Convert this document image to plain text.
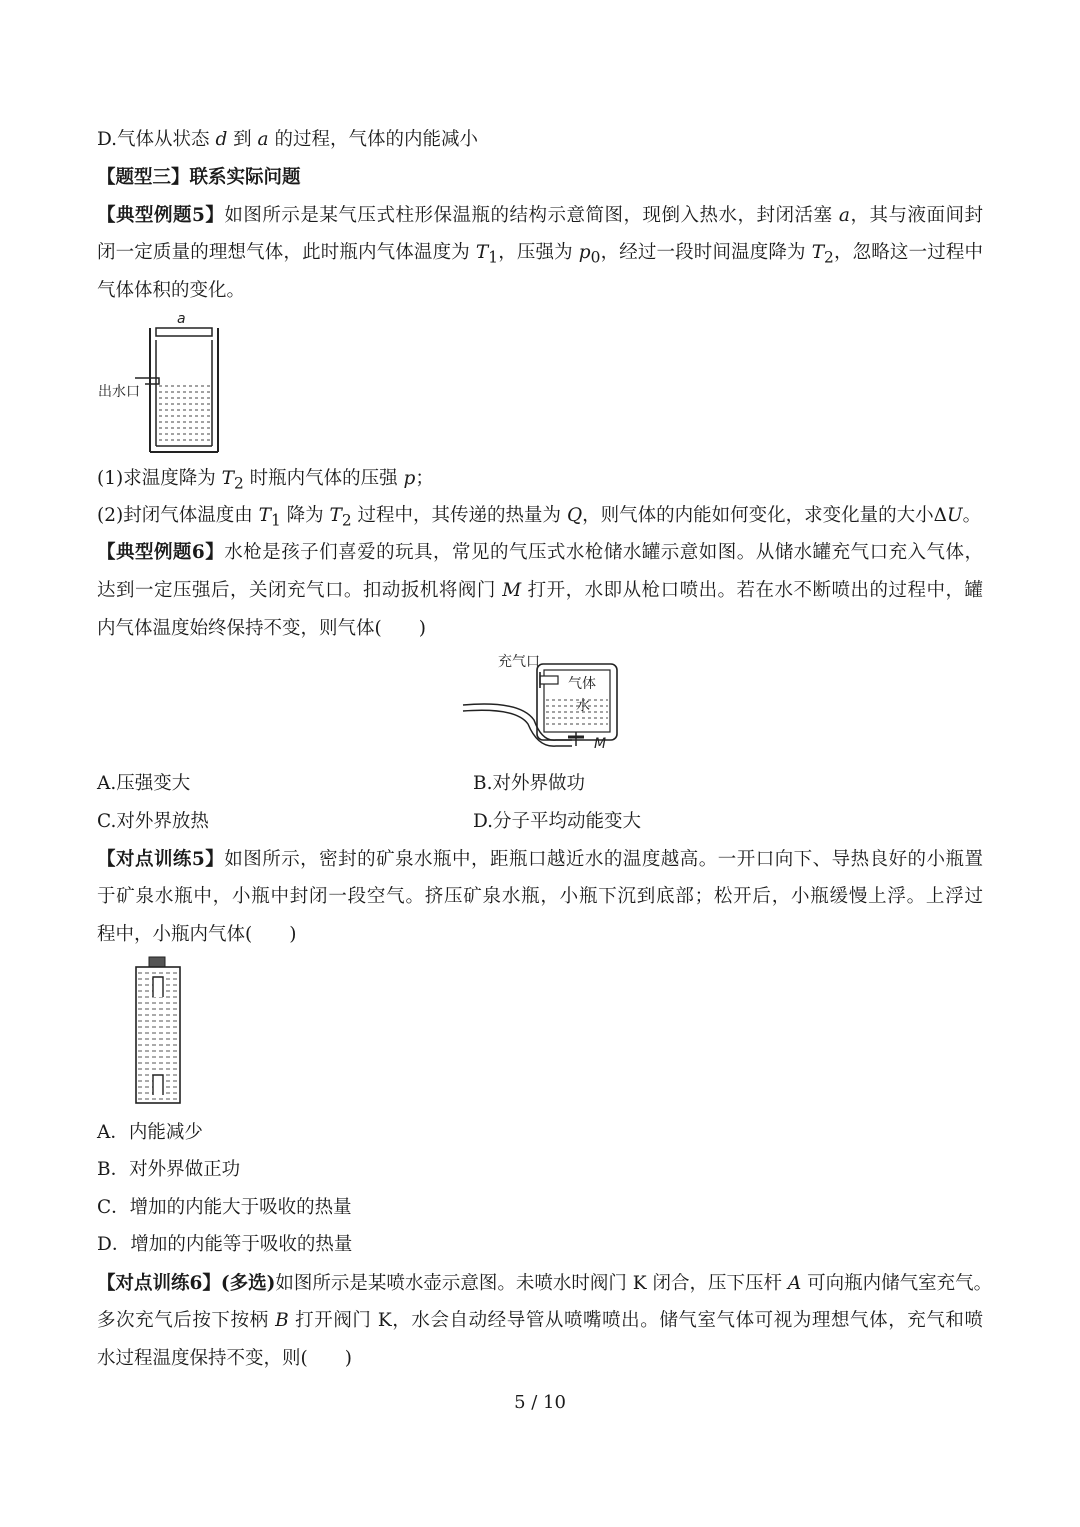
D.气体从状态 d 到 a 的过程，气体的内能减小
【题型三】联系实际问题
【典型例题5】如图所示是某气压式柱形保温瓶的结构示意简图，现倒入热水，封闭活塞 a，其与液面间封
闭一定质量的理想气体，此时瓶内气体温度为 $T_1$，压强为 $p_0$，经过一段时间温度降为 $T_2$，忽略这一过程中
气体体积的变化。
a
出水口
(1)求温度降为 $T_2$ 时瓶内气体的压强 p；
(2)封闭气体温度由 $T_1$ 降为 $T_2$ 过程中，其传递的热量为 Q，则气体的内能如何变化，求变化量的大小ΔU。
【典型例题6】水枪是孩子们喜爱的玩具，常见的气压式水枪储水罐示意如图。从储水罐充气口充入气体，
达到一定压强后，关闭充气口。扣动扳机将阀门 M 打开，水即从枪口喷出。若在水不断喷出的过程中，罐
内气体温度始终保持不变，则气体(　　)
充气口
气体
水
M
A.压强变大	B.对外界做功
C.对外界放热	D.分子平均动能变大
【对点训练5】如图所示，密封的矿泉水瓶中，距瓶口越近水的温度越高。一开口向下、导热良好的小瓶置
于矿泉水瓶中，小瓶中封闭一段空气。挤压矿泉水瓶，小瓶下沉到底部；松开后，小瓶缓慢上浮。上浮过
程中，小瓶内气体(　　)
A．内能减少
B．对外界做正功
C．增加的内能大于吸收的热量
D．增加的内能等于吸收的热量
【对点训练6】(多选)如图所示是某喷水壶示意图。未喷水时阀门 K 闭合，压下压杆 A 可向瓶内储气室充气。
多次充气后按下按柄 B 打开阀门 K，水会自动经导管从喷嘴喷出。储气室气体可视为理想气体，充气和喷
水过程温度保持不变，则(　　)
5 / 10
